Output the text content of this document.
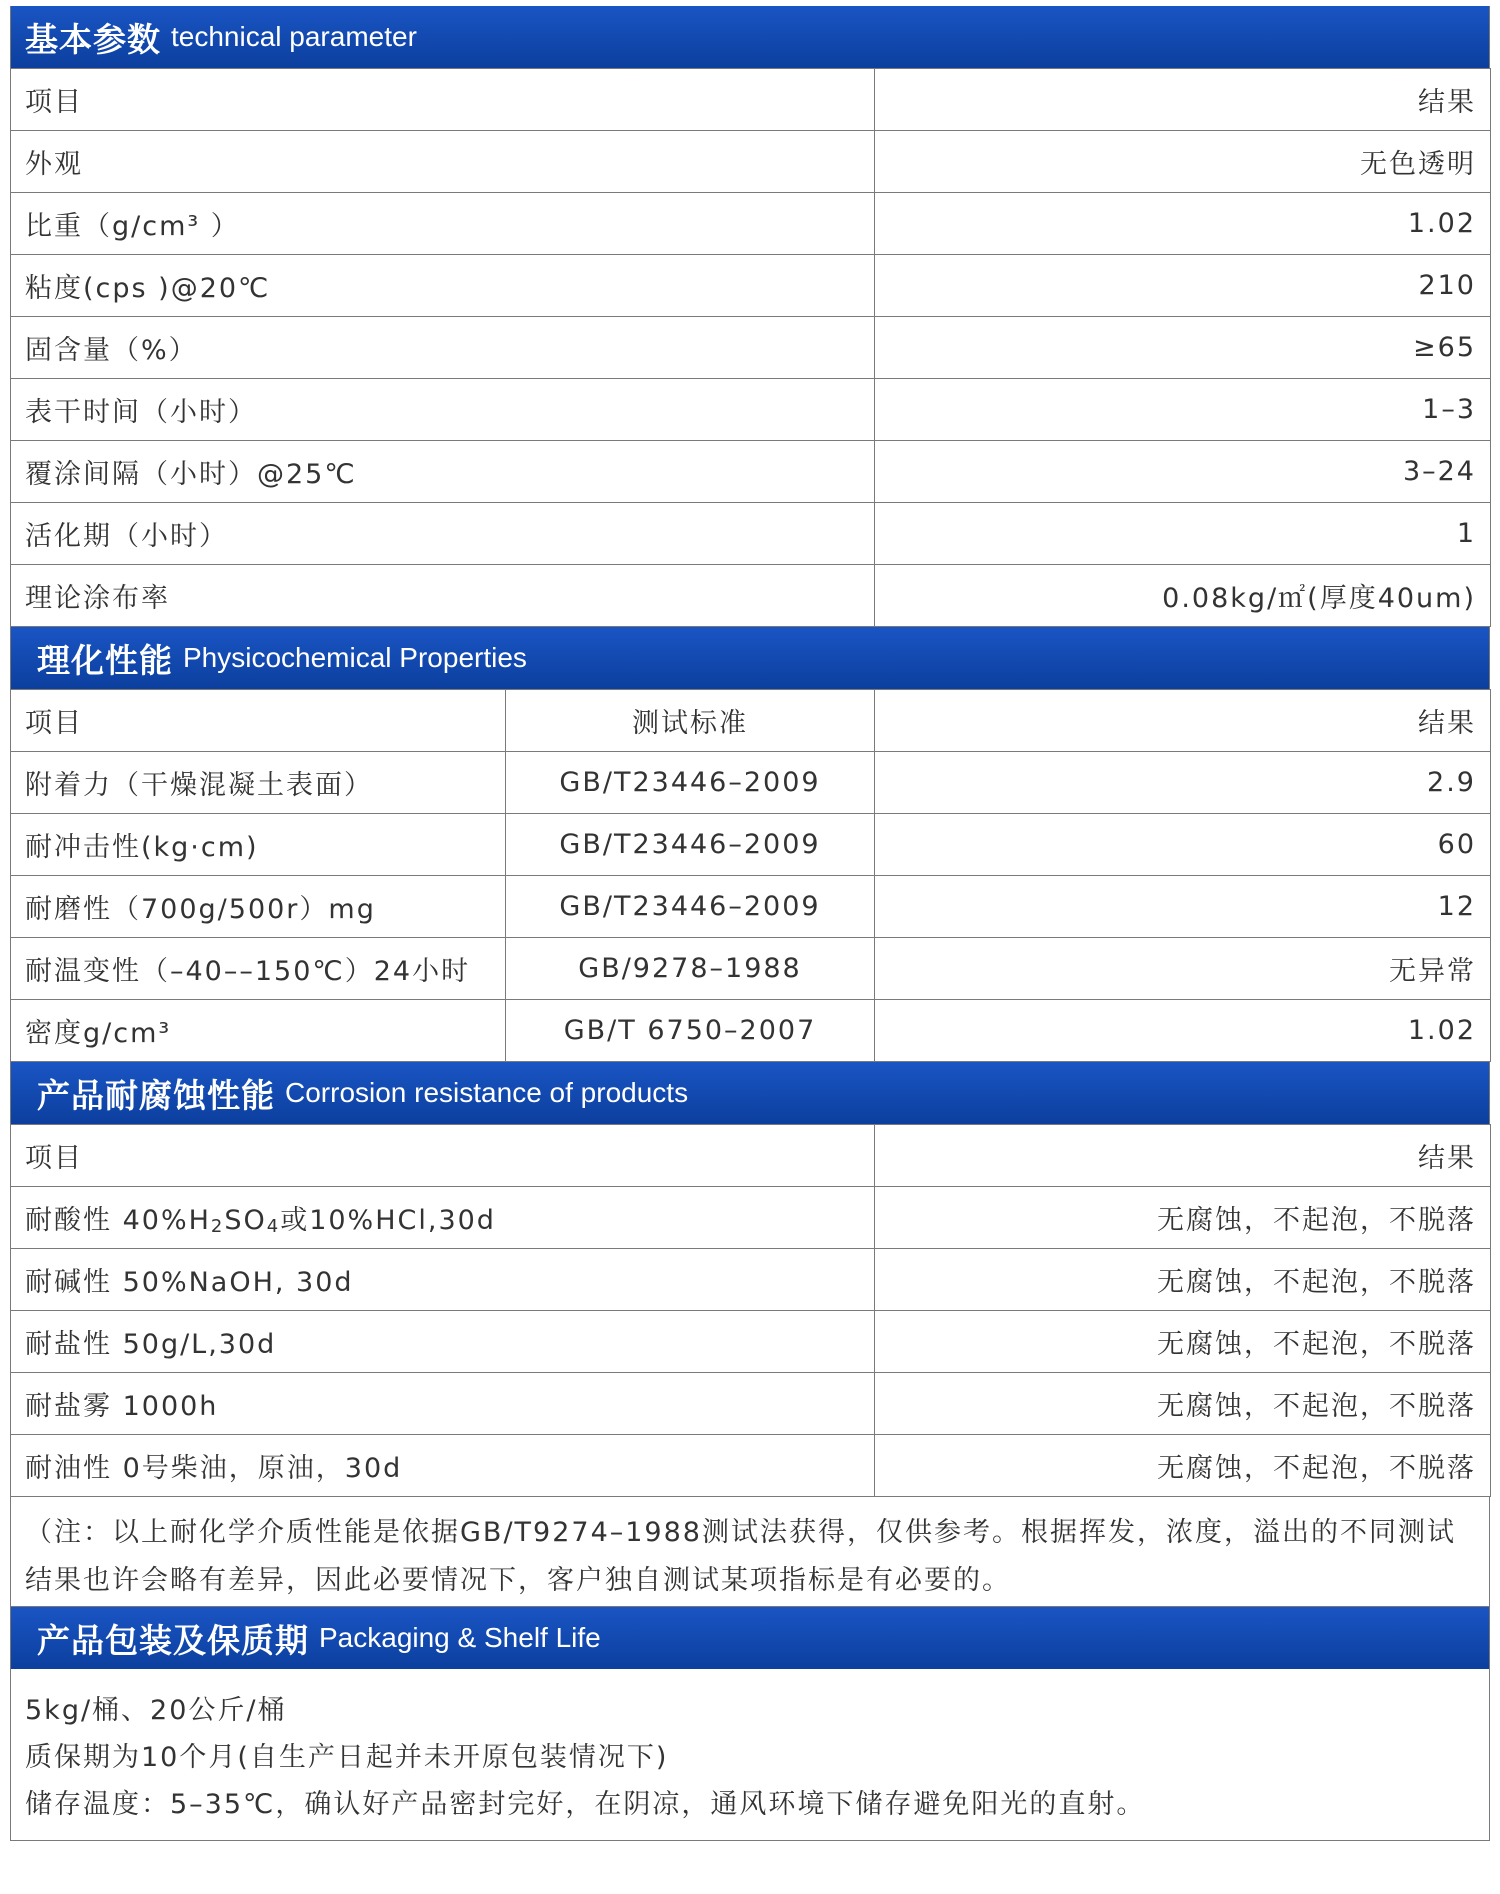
基本参数 technical parameter
项目	结果
外观	无色透明
比重（g/cm³ ）	1.02
粘度(cps )@20℃	210
固含量（%）	≥65
表干时间（小时）	1–3
覆涂间隔（小时）@25℃	3–24
活化期（小时）	1
理论涂布率	0.08kg/㎡(厚度40um)
理化性能 Physicochemical Properties
项目	测试标准	结果
附着力（干燥混凝土表面）	GB/T23446–2009	2.9
耐冲击性(kg·cm)	GB/T23446–2009	60
耐磨性（700g/500r）mg	GB/T23446–2009	12
耐温变性（–40––150℃）24小时	GB/9278–1988	无异常
密度g/cm³	GB/T 6750–2007	1.02
产品耐腐蚀性能 Corrosion resistance of products
项目	结果
耐酸性 $40\%H_2SO_4$或10%HCl,30d	无腐蚀，不起泡，不脱落
耐碱性 50%NaOH, 30d	无腐蚀，不起泡，不脱落
耐盐性 50g/L,30d	无腐蚀，不起泡，不脱落
耐盐雾 1000h	无腐蚀，不起泡，不脱落
耐油性 0号柴油，原油，30d	无腐蚀，不起泡，不脱落
（注：以上耐化学介质性能是依据GB/T9274–1988测试法获得，仅供参考。根据挥发，浓度，溢出的不同测试结果也许会略有差异，因此必要情况下，客户独自测试某项指标是有必要的。
产品包装及保质期 Packaging & Shelf Life
5kg/桶、20公斤/桶
质保期为10个月(自生产日起并未开原包装情况下)
储存温度：5–35℃，确认好产品密封完好，在阴凉，通风环境下储存避免阳光的直射。
